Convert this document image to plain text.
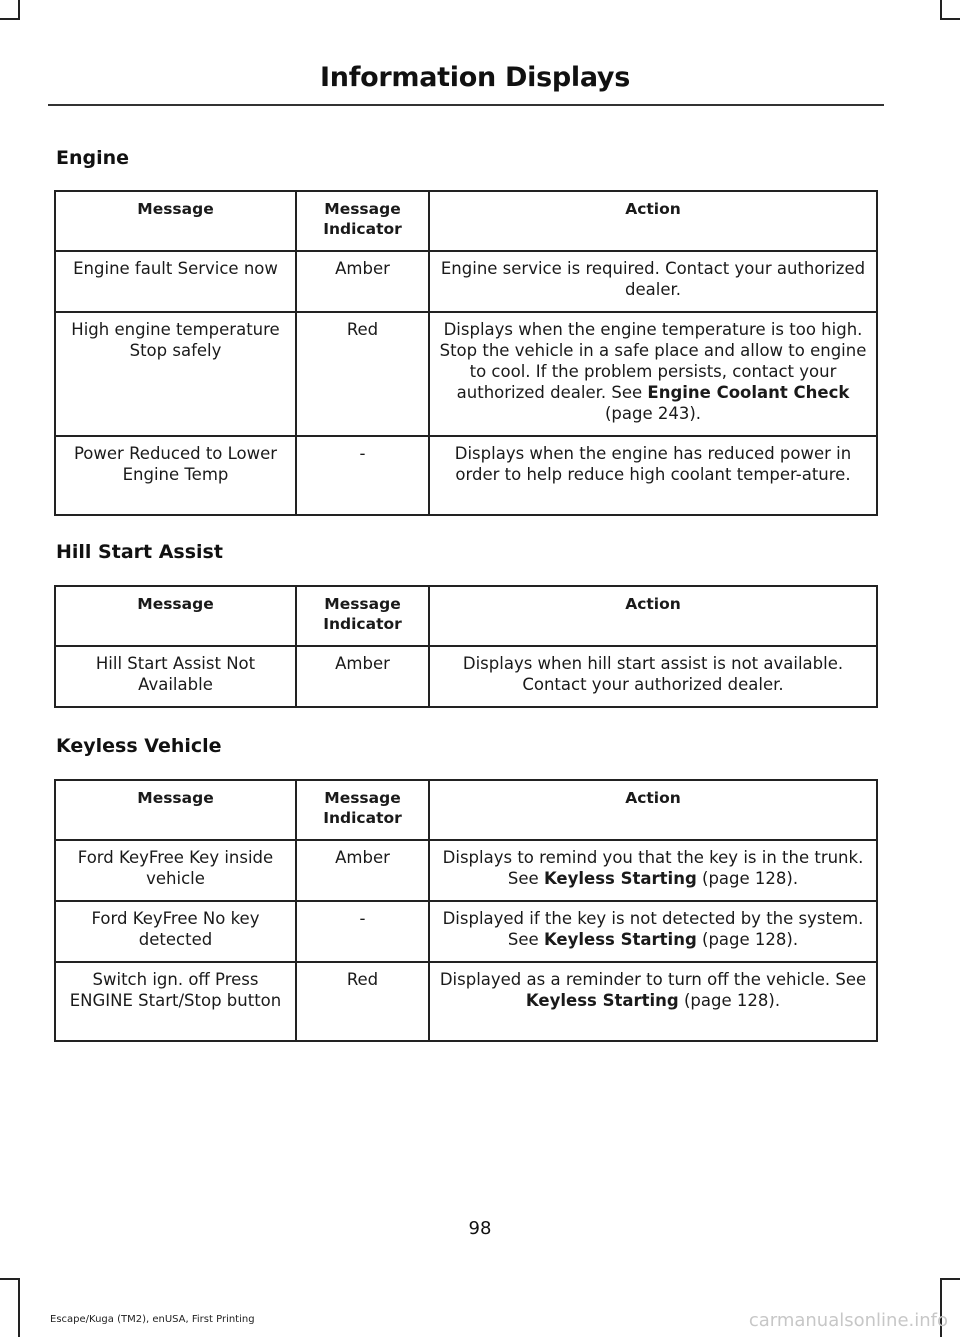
Information Displays
Engine
Message	Message Indicator	Action
Engine fault Service now	Amber	Engine service is required. Contact your authorized dealer.
High engine temperature Stop safely	Red	Displays when the engine temperature is too high. Stop the vehicle in a safe place and allow to engine to cool. If the problem persists, contact your authorized dealer. See Engine Coolant Check (page 243).
Power Reduced to Lower Engine Temp	-	Displays when the engine has reduced power in order to help reduce high coolant temper-ature.
Hill Start Assist
Message	Message Indicator	Action
Hill Start Assist Not Available	Amber	Displays when hill start assist is not available. Contact your authorized dealer.
Keyless Vehicle
Message	Message Indicator	Action
Ford KeyFree Key inside vehicle	Amber	Displays to remind you that the key is in the trunk. See Keyless Starting (page 128).
Ford KeyFree No key detected	-	Displayed if the key is not detected by the system. See Keyless Starting (page 128).
Switch ign. off Press ENGINE Start/Stop button	Red	Displayed as a reminder to turn off the vehicle. See Keyless Starting (page 128).
98
Escape/Kuga (TM2), enUSA, First Printing	carmanualsonline.info
